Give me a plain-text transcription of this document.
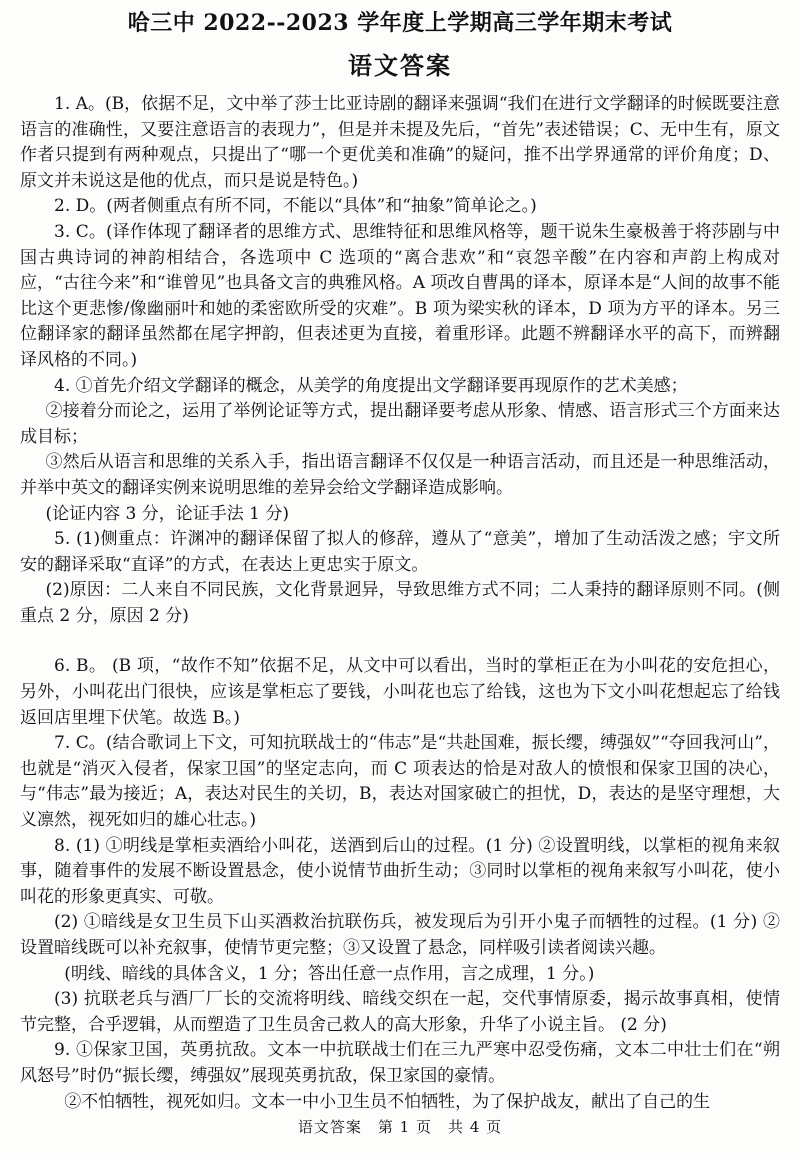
哈三中 2022--2023 学年度上学期高三学年期末考试
语文答案

1. A。(B，依据不足，文中举了莎士比亚诗剧的翻译来强调“我们在进行文学翻译的时候既要注意语言的准确性，又要注意语言的表现力”，但是并未提及先后，“首先”表述错误；C、无中生有，原文作者只提到有两种观点，只提出了“哪一个更优美和准确”的疑问，推不出学界通常的评价角度；D、原文并未说这是他的优点，而只是说是特色。)

2. D。(两者侧重点有所不同，不能以“具体”和“抽象”简单论之。)

3. C。(译作体现了翻译者的思维方式、思维特征和思维风格等，题干说朱生豪极善于将莎剧与中国古典诗词的神韵相结合，各选项中 C 选项的“离合悲欢”和“哀怨辛酸”在内容和声韵上构成对应，“古往今来”和“谁曾见”也具备文言的典雅风格。A 项改自曹禺的译本，原译本是“人间的故事不能比这个更悲惨/像幽丽叶和她的柔密欧所受的灾难”。B 项为梁实秋的译本，D 项为方平的译本。另三位翻译家的翻译虽然都在尾字押韵，但表述更为直接，着重形译。此题不辨翻译水平的高下，而辨翻译风格的不同。)

4. ①首先介绍文学翻译的概念，从美学的角度提出文学翻译要再现原作的艺术美感；

②接着分而论之，运用了举例论证等方式，提出翻译要考虑从形象、情感、语言形式三个方面来达成目标；

③然后从语言和思维的关系入手，指出语言翻译不仅仅是一种语言活动，而且还是一种思维活动，并举中英文的翻译实例来说明思维的差异会给文学翻译造成影响。

(论证内容 3 分，论证手法 1 分)

5. (1)侧重点：许渊冲的翻译保留了拟人的修辞，遵从了“意美”，增加了生动活泼之感；宇文所安的翻译采取“直译”的方式，在表达上更忠实于原文。

(2)原因：二人来自不同民族，文化背景迥异，导致思维方式不同；二人秉持的翻译原则不同。(侧重点 2 分，原因 2 分)

6. B。 (B 项，“故作不知”依据不足，从文中可以看出，当时的掌柜正在为小叫花的安危担心，另外，小叫花出门很快，应该是掌柜忘了要钱，小叫花也忘了给钱，这也为下文小叫花想起忘了给钱返回店里埋下伏笔。故选 B。)

7. C。(结合歌词上下文，可知抗联战士的“伟志”是“共赴国难，振长缨，缚强奴”“夺回我河山”，也就是“消灭入侵者，保家卫国”的坚定志向，而 C 项表达的恰是对敌人的愤恨和保家卫国的决心，与“伟志”最为接近；A，表达对民生的关切，B，表达对国家破亡的担忧，D，表达的是坚守理想，大义凛然，视死如归的雄心壮志。)

8. (1) ①明线是掌柜卖酒给小叫花，送酒到后山的过程。(1 分) ②设置明线，以掌柜的视角来叙事，随着事件的发展不断设置悬念，使小说情节曲折生动；③同时以掌柜的视角来叙写小叫花，使小叫花的形象更真实、可敬。

(2) ①暗线是女卫生员下山买酒救治抗联伤兵，被发现后为引开小鬼子而牺牲的过程。(1 分) ②设置暗线既可以补充叙事，使情节更完整；③又设置了悬念，同样吸引读者阅读兴趣。

(明线、暗线的具体含义，1 分；答出任意一点作用，言之成理，1 分。)

(3) 抗联老兵与酒厂厂长的交流将明线、暗线交织在一起，交代事情原委，揭示故事真相，使情节完整，合乎逻辑，从而塑造了卫生员舍己救人的高大形象，升华了小说主旨。 (2 分)

9. ①保家卫国，英勇抗敌。文本一中抗联战士们在三九严寒中忍受伤痛，文本二中壮士们在“朔风怒号”时仍“振长缨，缚强奴”展现英勇抗敌，保卫家国的豪情。

②不怕牺牲，视死如归。文本一中小卫生员不怕牺牲，为了保护战友，献出了自己的生

语文答案　第 1 页　共 4 页
